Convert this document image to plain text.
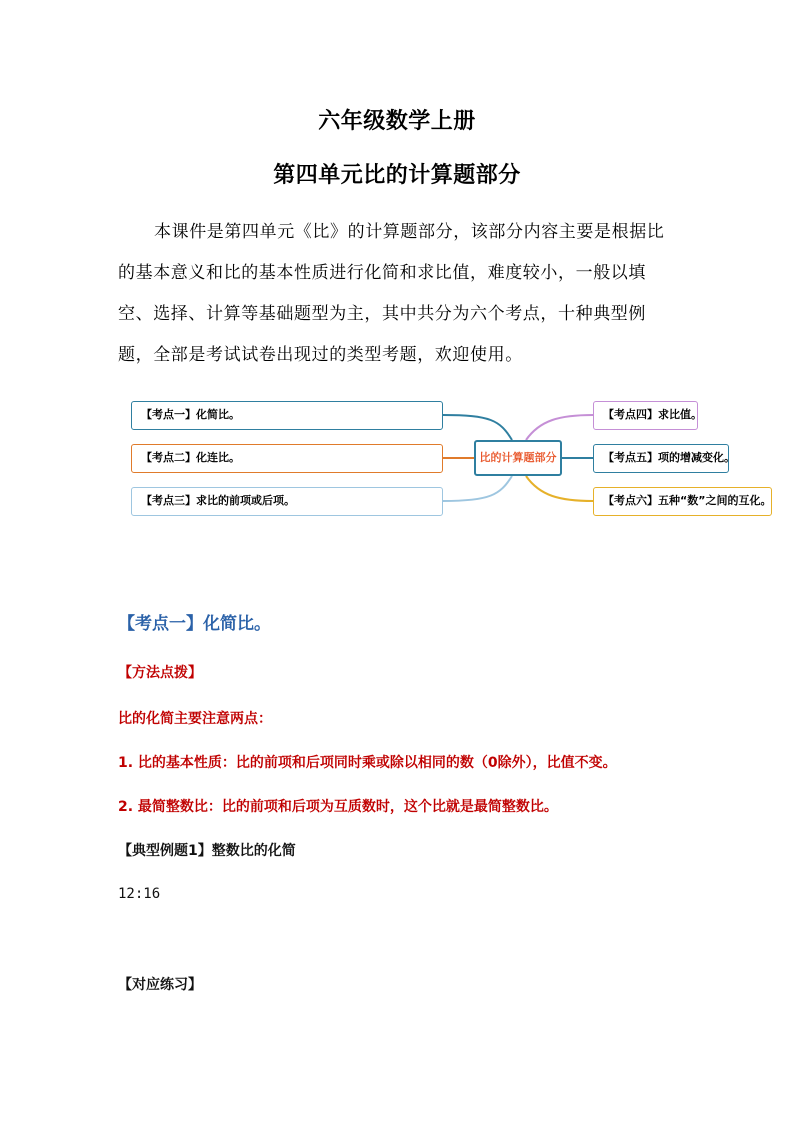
六年级数学上册
第四单元比的计算题部分

本课件是第四单元《比》的计算题部分，该部分内容主要是根据比的基本意义和比的基本性质进行化简和求比值，难度较小，一般以填空、选择、计算等基础题型为主，其中共分为六个考点，十种典型例题，全部是考试试卷出现过的类型考题，欢迎使用。

【考点一】化简比。
【考点二】化连比。
【考点三】求比的前项或后项。
比的计算题部分
【考点四】求比值。
【考点五】项的增减变化。
【考点六】五种“数”之间的互化。
【考点一】化简比。
【方法点拨】
比的化简主要注意两点：
1. 比的基本性质：比的前项和后项同时乘或除以相同的数（0除外），比值不变。
2. 最简整数比：比的前项和后项为互质数时，这个比就是最简整数比。
【典型例题1】整数比的化简
12:16
【对应练习】
